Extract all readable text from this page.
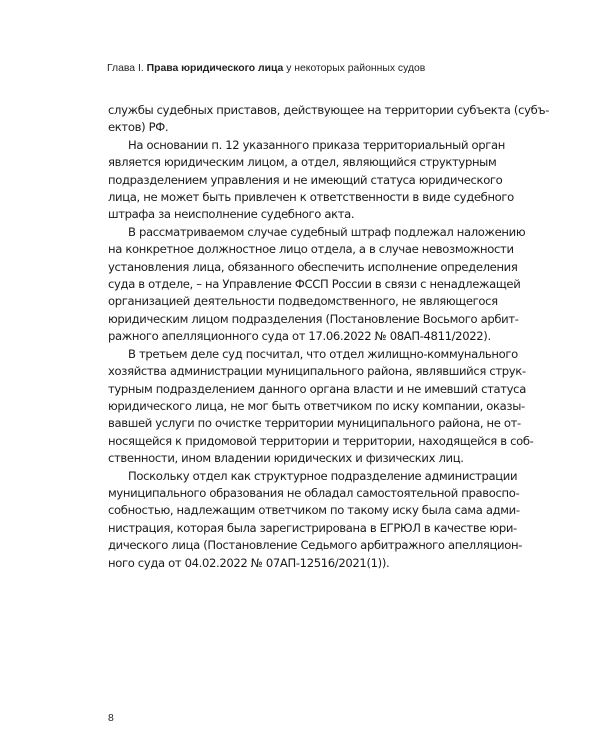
Глава I. Права юридического лица у некоторых районных судов

службы судебных приставов, действующее на территории субъекта (субъ-
ектов) РФ.

На основании п. 12 указанного приказа территориальный орган
является юридическим лицом, а отдел, являющийся структурным
подразделением управления и не имеющий статуса юридического
лица, не может быть привлечен к ответственности в виде судебного
штрафа за неисполнение судебного акта.

В рассматриваемом случае судебный штраф подлежал наложению
на конкретное должностное лицо отдела, а в случае невозможности
установления лица, обязанного обеспечить исполнение определения
суда в отделе, – на Управление ФССП России в связи с ненадлежащей
организацией деятельности подведомственного, не являющегося
юридическим лицом подразделения (Постановление Восьмого арбит-
ражного апелляционного суда от 17.06.2022 № 08АП-4811/2022).

В третьем деле суд посчитал, что отдел жилищно-коммунального
хозяйства администрации муниципального района, являвшийся струк-
турным подразделением данного органа власти и не имевший статуса
юридического лица, не мог быть ответчиком по иску компании, оказы-
вавшей услуги по очистке территории муниципального района, не от-
носящейся к придомовой территории и территории, находящейся в соб-
ственности, ином владении юридических и физических лиц.

Поскольку отдел как структурное подразделение администрации
муниципального образования не обладал самостоятельной правоспо-
собностью, надлежащим ответчиком по такому иску была сама адми-
нистрация, которая была зарегистрирована в ЕГРЮЛ в качестве юри-
дического лица (Постановление Седьмого арбитражного апелляцион-
ного суда от 04.02.2022 № 07АП-12516/2021(1)).

8
